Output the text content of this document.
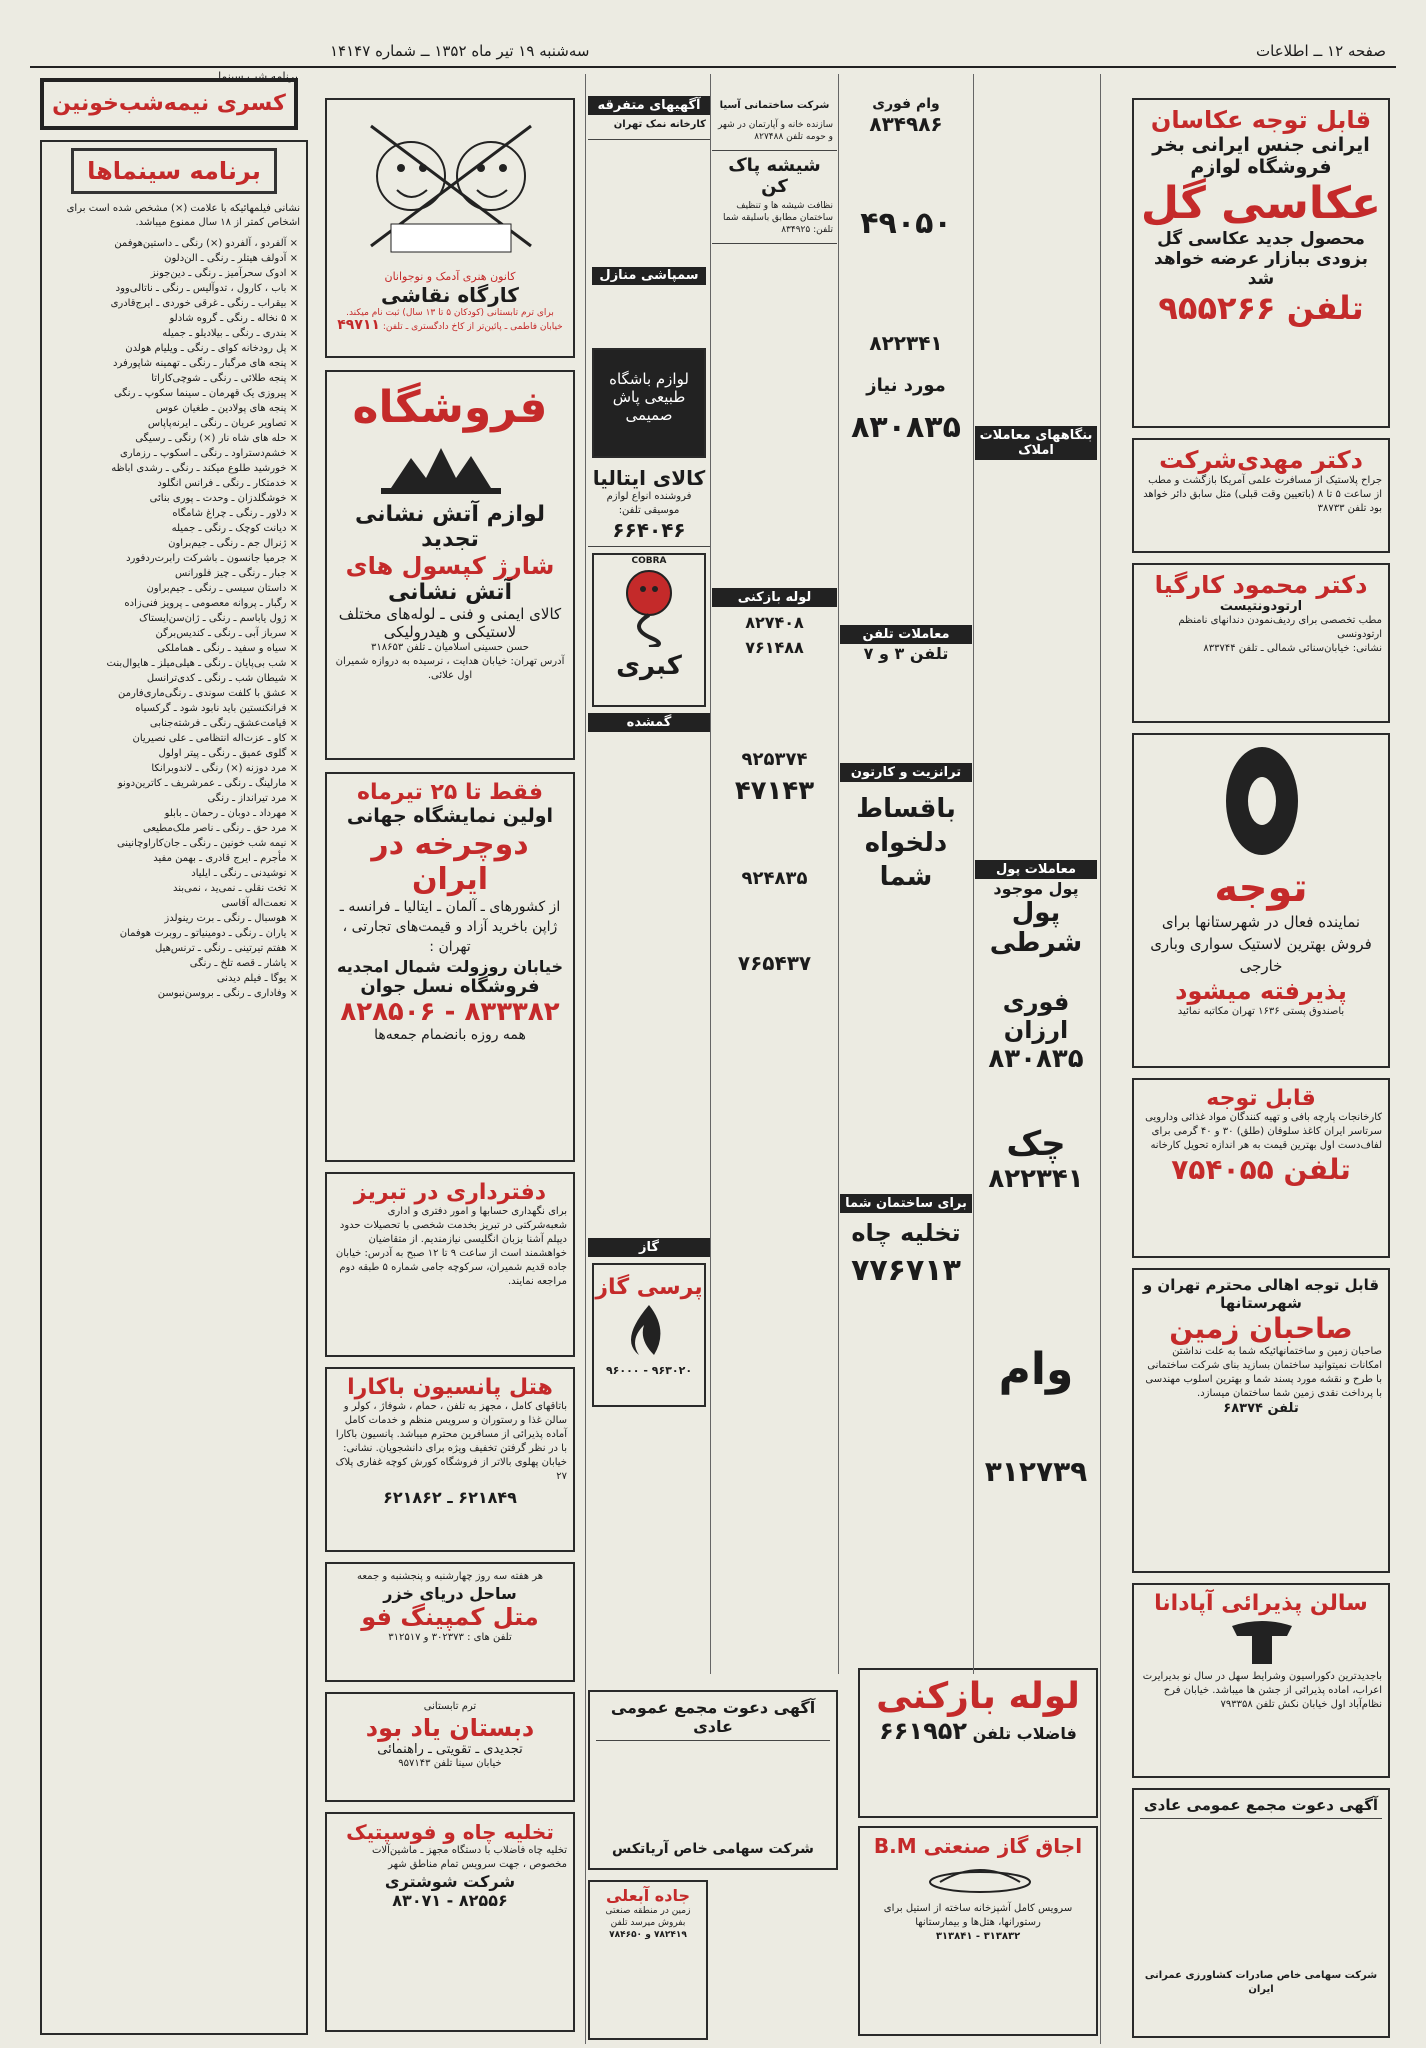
صفحه ۱۲ ــ اطلاعات
سه‌شنبه ۱۹ تیر ماه ۱۳۵۲ ــ شماره ۱۴۱۴۷
برنامه شب سینما
کسری نیمه‌شب‌خونین
برنامه سینماها
نشانی فیلمهائیکه با علامت (×) مشخص شده است برای اشخاص کمتر از ۱۸ سال ممنوع میباشد.
× آلفردو ، آلفردو (×) رنگی ـ داستین‌هوفمن
× آدولف هیتلر ـ رنگی ـ الن‌دلون
× ادوک سحرآمیز ـ رنگی ـ دین‌جونز
× باب ، کارول ، تدوآلیس ـ رنگی ـ ناتالی‌وود
× بیقراب ـ رنگی ـ غرقی خوردی ـ ایرج‌قادری
× ۵ نخاله ـ رنگی ـ گروه شادلو
× بندری ـ رنگی ـ بیلادیلو ـ جمیله
× پل رودخانه کوای ـ رنگی ـ ویلیام هولدن
× پنجه های مرگبار ـ رنگی ـ تهمینه شاپورفرد
× پنجه طلائی ـ رنگی ـ شوچی‌کاراتا
× پیروزی یک قهرمان ـ سینما سکوپ ـ رنگی
× پنجه های پولادین ـ طغیان عوس
× تصاویر عریان ـ رنگی ـ ایرنه‌پاپاس
× حله های شاه نار (×) رنگی ـ رسیگی
× خشم‌دستراود ـ رنگی ـ اسکوپ ـ رزماری
× خورشید طلوع میکند ـ رنگی ـ رشدی اباظه
× خدمتکار ـ رنگی ـ فرانس انگلود
× خوشگلدزان ـ وحدت ـ پوری بنائی
× دلاور ـ رنگی ـ چراغ شامگاه
× دیانت کوچک ـ رنگی ـ جمیله
× ژنرال جم ـ رنگی ـ جیم‌براون
× جرمیا جانسون ـ باشرکت رابرت‌ردفورد
× جبار ـ رنگی ـ چیز فلورانس
× داستان سیسی ـ رنگی ـ جیم‌براون
× رگبار ـ پروانه معصومی ـ پرویز فنی‌زاده
× ژول یاباسم ـ رنگی ـ ژان‌سن‌ایستاک
× سرباز آبی ـ رنگی ـ کندیس‌برگن
× سیاه و سفید ـ رنگی ـ هماملکی
× شب بی‌پایان ـ رنگی ـ هیلی‌میلز ـ هایوال‌بنت
× شیطان شب ـ رنگی ـ کدی‌ترانسل
× عشق با کلفت سوندی ـ رنگی‌ماری‌فارمن
× فرانکنستین باید نابود شود ـ گرکسیاه
× قیامت‌عشق‌ـ رنگی ـ فرشته‌جنابی
× کاو ـ عزت‌اله انتظامی ـ علی نصیریان
× گلوی عمیق ـ رنگی ـ پیتر اولول
× مرد دوزنه (×) رنگی ـ لاندوبرانکا
× مارلینگ ـ رنگی ـ عمرشریف ـ کاترین‌دونو
× مرد تیرانداز ـ رنگی
× مهرداد ـ دوبان ـ رحمان ـ بابلو
× مرد حق ـ رنگی ـ ناصر ملک‌مطیعی
× نیمه شب خونین ـ رنگی ـ جان‌کاراوچانینی
× مأجرم ـ ایرج قادری ـ بهمن مفید
× نوشیدنی ـ رنگی ـ ایلیاد
× تخت نقلی ـ نمی‌ید ، نمی‌بند
× نعمت‌اله آقاسی
× هوسبال ـ رنگی ـ برت رینولدز
× یاران ـ رنگی ـ دومینیاتو ـ روبرت هوفمان
× هفتم تیرتینی ـ رنگی ـ ترنس‌هیل
× یاشار ـ قصه تلخ ـ رنگی
× یوگا ـ فیلم دیدنی
× وفاداری ـ رنگی ـ بروسن‌نبوسن
کانون هنری آدمک و نوجوانان
کارگاه نقاشی
برای ترم تابستانی (کودکان ۵ تا ۱۳ سال) ثبت نام میکند.
خیابان فاطمی ـ پائین‌تر از کاخ دادگستری ـ تلفن: ۴۹۷۱۱
فروشگاه
لوازم آتش نشانی تجدید
شارژ کپسول های
آتش نشانی
کالای ایمنی و فنی ـ لوله‌های مختلف
لاستیکی و هیدرولیکی
حسن حسینی اسلامیان ـ تلفن ۳۱۸۶۵۳
آدرس تهران: خیابان هدایت ، نرسیده به دروازه شمیران اول علائی.
فقط تا ۲۵ تیرماه
اولین نمایشگاه جهانی
دوچرخه در ایران
از کشورهای ـ آلمان ـ ایتالیا ـ فرانسه ـ ژاپن باخرید آزاد و قیمت‌های تجارتی ، تهران :
خیابان روزولت شمال امجدیه
فروشگاه نسل جوان
۸۳۳۳۸۲ - ۸۲۸۵۰۶
همه روزه بانضمام جمعه‌ها
دفترداری در تبریز
برای نگهداری حسابها و امور دفتری و اداری شعبه‌شرکتی در تبریز بخدمت شخصی با تحصیلات حدود دیپلم آشنا بزبان انگلیسی نیازمندیم. از متقاضیان خواهشمند است از ساعت ۹ تا ۱۲ صبح به آدرس: خیابان جاده قدیم شمیران، سرکوچه جامی شماره ۵ طبقه دوم مراجعه نمایند.
هتل پانسیون باکارا
باتاقهای کامل ، مجهز به تلفن ، حمام ، شوفاژ ، کولر و سالن غذا و رستوران و سرویس منظم و خدمات کامل آماده پذیرائی از مسافرین محترم میباشد. پانسیون باکارا با در نظر گرفتن تخفیف ویژه برای دانشجویان. نشانی: خیابان پهلوی بالاتر از فروشگاه کورش کوچه غفاری پلاک ۲۷
۶۲۱۸۴۹ ـ ۶۲۱۸۶۲
هر هفته سه روز چهارشنبه و پنجشنبه و جمعه
ساحل دریای خزر
متل کمپینگ فو
تلفن های : ۳۰۲۳۷۳ و ۳۱۲۵۱۷
ترم تابستانی
دبستان یاد بود
تجدیدی ـ تقویتی ـ راهنمائی
خیابان سینا تلفن ۹۵۷۱۴۳
تخلیه چاه و فوسپتیک
تخلیه چاه فاضلاب با دستگاه مجهز ـ ماشین‌آلات مخصوص ، جهت سرویس تمام مناطق شهر
شرکت شوشتری
۸۲۵۵۶ - ۸۳۰۷۱
آگهیهای متفرقه
کارخانه نمک تهران
سمپاشی منازل
لوازم باشگاه طبیعی پاش صمیمی
کالای ایتالیا
فروشنده انواع لوازم موسیقی تلفن:
۶۶۴۰۴۶
COBRA
کبری
گمشده
گاز
پرسی گاز
۹۶۳۰۲۰ - ۹۶۰۰۰
شرکت ساختمانی آسیا
سازنده خانه و آپارتمان در شهر و حومه تلفن ۸۲۷۴۸۸
شیشه پاک کن
نظافت شیشه ها و تنظیف ساختمان مطابق باسلیقه شما تلفن: ۸۳۴۹۲۵
لوله بازکنی
۸۲۷۴۰۸
۷۶۱۴۸۸
۹۲۵۳۷۴
۴۷۱۴۳
۹۲۴۸۳۵
۷۶۵۴۳۷
وام فوری
۸۳۴۹۸۶
۴۹۰۵۰
۸۲۲۳۴۱
مورد نیاز
۸۳۰۸۳۵
معاملات تلفن
تلفن ۳ و ۷
ترانزیت و کارتون
باقساط دلخواه شما
برای ساختمان شما
تخلیه چاه
۷۷۶۷۱۳
بنگاههای معاملات املاک
معاملات پول
پول موجود
پول شرطی
فوری ارزان
۸۳۰۸۳۵
چک
۸۲۲۳۴۱
وام
۳۱۲۷۳۹
جاده آبعلی
زمین در منطقه صنعتی بفروش میرسد تلفن
۷۸۲۴۱۹ و ۷۸۴۶۵۰
آگهی دعوت مجمع عمومی عادی
شرکت سهامی خاص آریاتکس
لوله بازکنی
فاضلاب تلفن ۶۶۱۹۵۲
اجاق گاز صنعتی B.M
سرویس کامل آشپزخانه ساخته از استیل برای رستورانها، هتل‌ها و بیمارستانها
۳۱۳۸۳۲ - ۳۱۳۸۴۱
قابل توجه عکاسان
ایرانی جنس ایرانی بخر فروشگاه لوازم
عکاسی گل
محصول جدید عکاسی گل بزودی ببازار عرضه خواهد شد
تلفن ۹۵۵۲۶۶
دکتر مهدی‌شرکت
جراح پلاستیک از مسافرت علمی آمریکا بازگشت و مطب از ساعت ۵ تا ۸ (باتعیین وقت قبلی) مثل سابق دائر خواهد بود تلفن ۳۸۷۳۳
دکتر محمود کارگیا
ارتودونتیست
مطب تخصصی برای ردیف‌نمودن دندانهای نامنظم ارتودونسی
نشانی: خیابان‌سنائی شمالی ـ تلفن ۸۳۳۷۴۴
توجه
نماینده فعال در شهرستانها برای فروش بهترین لاستیک سواری وباری خارجی
پذیرفته میشود
باصندوق پستی ۱۶۳۶ تهران مکاتبه نمائید
قابل توجه
کارخانجات پارچه بافی و تهیه کنندگان مواد غذائی ودارویی سرتاسر ایران کاغذ سلوفان (طلق) ۳۰ و ۴۰ گرمی برای لفاف‌دست اول بهترین قیمت به هر اندازه تحویل کارخانه
تلفن ۷۵۴۰۵۵
قابل توجه اهالی محترم تهران و شهرستانها
صاحبان زمین
صاحبان زمین و ساختمانهائیکه شما به علت نداشتن امکانات نمیتوانید ساختمان بسازید بنای شرکت ساختمانی با طرح و نقشه مورد پسند شما و بهترین اسلوب مهندسی با پرداخت نقدی زمین شما ساختمان میسازد.
تلفن ۶۸۳۷۴
سالن پذیرائی آپادانا
باجدیدترین دکوراسیون وشرایط سهل در سال نو بدیرایرت اعراب، اماده پذیرائی از جشن ها میباشد. خیابان فرح نظام‌آباد اول خیابان نکش تلفن ۷۹۳۳۵۸
آگهی دعوت مجمع عمومی عادی
شرکت سهامی خاص صادرات کشاورزی عمرانی ایران
